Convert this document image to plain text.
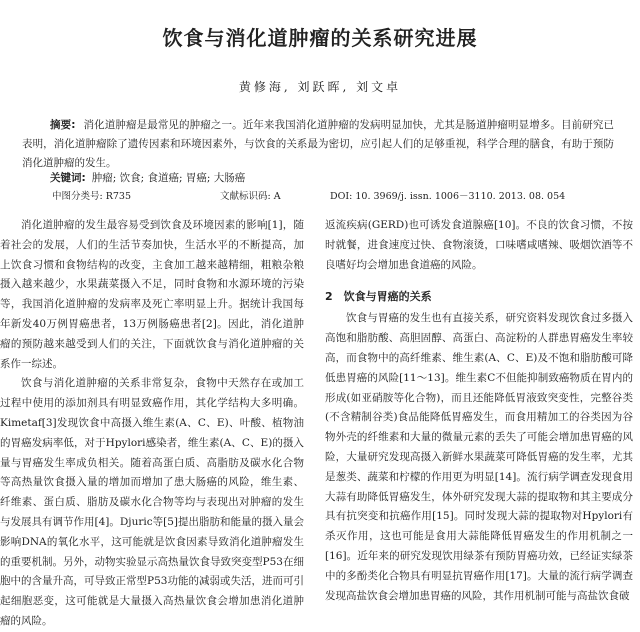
饮食与消化道肿瘤的关系研究进展
黄修海, 刘跃晖, 刘文卓
摘要: 消化道肿瘤是最常见的肿瘤之一。近年来我国消化道肿瘤的发病明显加快，尤其是肠道肿瘤明显增多。目前研究已表明，消化道肿瘤除了遗传因素和环境因素外，与饮食的关系最为密切，应引起人们的足够重视，科学合理的膳食，有助于预防消化道肿瘤的发生。
关键词: 肿瘤; 饮食; 食道癌; 胃癌; 大肠癌
中图分类号: R735	文献标识码: A	DOI: 10. 3969/j. issn. 1006－3110. 2013. 08. 054

消化道肿瘤的发生最容易受到饮食及环境因素的影响[1]，随着社会的发展，人们的生活节奏加快，生活水平的不断提高，加上饮食习惯和食物结构的改变，主食加工越来越精细，粗粮杂粮摄入越来越少，水果蔬菜摄入不足，同时食物和水源环境的污染等，我国消化道肿瘤的发病率及死亡率明显上升。据统计我国每年新发40万例胃癌患者，13万例肠癌患者[2]。因此，消化道肿瘤的预防越来越受到人们的关注，下面就饮食与消化道肿瘤的关系作一综述。

饮食与消化道肿瘤的关系非常复杂，食物中天然存在或加工过程中使用的添加剂具有明显致癌作用，其化学结构大多明确。Kimetaf[3]发现饮食中高摄入维生素(A、C、E)、叶酸、植物油的胃癌发病率低，对于Hpylori感染者，维生素(A、C、E)的摄入量与胃癌发生率成负相关。随着高蛋白质、高脂肪及碳水化合物等高热量饮食摄入量的增加而增加了患大肠癌的风险，维生素、纤维素、蛋白质、脂肪及碳水化合物等均与表现出对肿瘤的发生与发展具有调节作用[4]。Djuric等[5]提出脂肪和能量的摄入量会影响DNA的氧化水平，这可能就是饮食因素导致消化道肿瘤发生的重要机制。另外，动物实验显示高热量饮食导致突变型P53在细胞中的含量升高，可导致正常型P53功能的减弱或失活，进而可引起细胞恶变，这可能就是大量摄入高热量饮食会增加患消化道肿瘤的风险。

返流疾病(GERD)也可诱发食道腺癌[10]。不良的饮食习惯，不按时就餐，进食速度过快、食物滚烫，口味嗜咸嗜辣、吸烟饮酒等不良嗜好均会增加患食道癌的风险。

2　饮食与胃癌的关系

饮食与胃癌的发生也有直接关系，研究资料发现饮食过多摄入高饱和脂肪酸、高胆固醇、高蛋白、高淀粉的人群患胃癌发生率较高，而食物中的高纤维素、维生素(A、C、E)及不饱和脂肪酸可降低患胃癌的风险[11～13]。维生素C不但能抑制致癌物质在胃内的形成(如亚硝胺等化合物)，而且还能降低胃液致突变性，完整谷类(不含精制谷类)食品能降低胃癌发生，而食用精加工的谷类因为谷物外壳的纤维素和大量的微量元素的丢失了可能会增加患胃癌的风险，大量研究发现高摄入新鲜水果蔬菜可降低胃癌的发生率，尤其是葱类、蔬菜和柠檬的作用更为明显[14]。流行病学调查发现食用大蒜有助降低胃癌发生，体外研究发现大蒜的提取物和其主要成分具有抗突变和抗癌作用[15]。同时发现大蒜的提取物对Hpylori有杀灭作用，这也可能是食用大蒜能降低胃癌发生的作用机制之一[16]。近年来的研究发现饮用绿茶有预防胃癌功效，已经证实绿茶中的多酚类化合物具有明显抗胃癌作用[17]。大量的流行病学调查发现高盐饮食会增加患胃癌的风险，其作用机制可能与高盐饮食破
